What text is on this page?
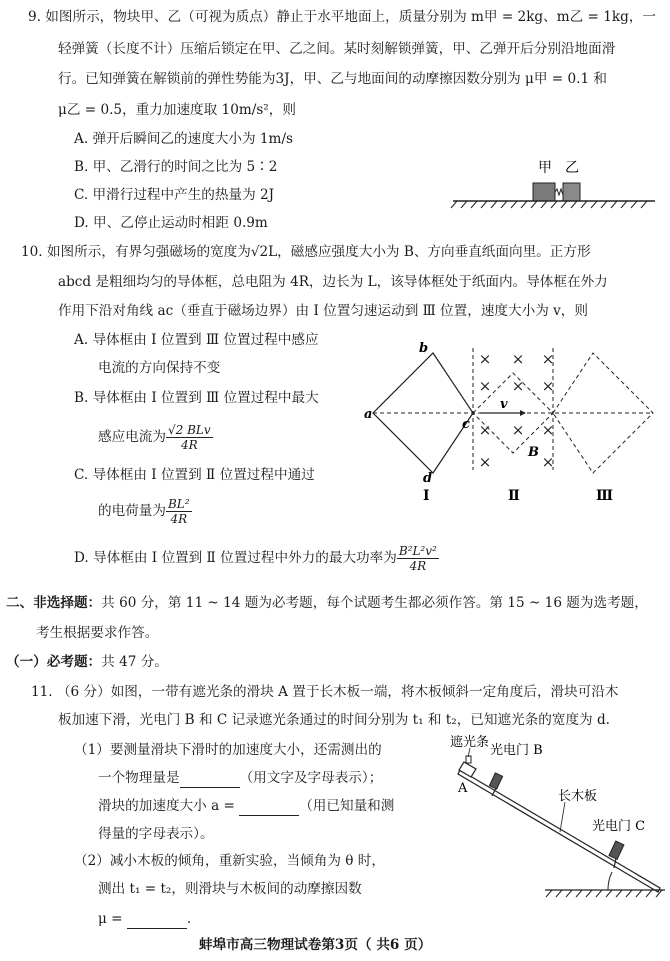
9. 如图所示，物块甲、乙（可视为质点）静止于水平地面上，质量分别为 m甲 = 2kg、m乙 = 1kg，一
轻弹簧（长度不计）压缩后锁定在甲、乙之间。某时刻解锁弹簧，甲、乙弹开后分别沿地面滑
行。已知弹簧在解锁前的弹性势能为3J，甲、乙与地面间的动摩擦因数分别为 μ甲 = 0.1 和
μ乙 = 0.5，重力加速度取 10m/s²，则
A. 弹开后瞬间乙的速度大小为 1m/s
B. 甲、乙滑行的时间之比为 5∶2
C. 甲滑行过程中产生的热量为 2J
D. 甲、乙停止运动时相距 0.9m
甲 乙
10. 如图所示，有界匀强磁场的宽度为√2L，磁感应强度大小为 B、方向垂直纸面向里。正方形
abcd 是粗细均匀的导体框，总电阻为 4R，边长为 L，该导体框处于纸面内。导体框在外力
作用下沿对角线 ac（垂直于磁场边界）由 Ⅰ 位置匀速运动到 Ⅲ 位置，速度大小为 v，则
A. 导体框由 Ⅰ 位置到 Ⅲ 位置过程中感应
电流的方向保持不变
B. 导体框由 Ⅰ 位置到 Ⅲ 位置过程中最大
感应电流为 $\frac{\text{√2 BLv}}{4R}$
C. 导体框由 Ⅰ 位置到 Ⅱ 位置过程中通过
的电荷量为 $\frac{\text{BL²}}{4R}$
D. 导体框由 Ⅰ 位置到 Ⅱ 位置过程中外力的最大功率为 $\frac{\text{B²L²v²}}{4R}$
× × ×
× × ×
× × ×
×	×
a
b
c
d
v
B
Ⅰ	Ⅱ	Ⅲ
二、非选择题：共 60 分，第 11 ~ 14 题为必考题，每个试题考生都必须作答。第 15 ~ 16 题为选考题，
考生根据要求作答。
（一）必考题：共 47 分。
11. （6 分）如图，一带有遮光条的滑块 A 置于长木板一端，将木板倾斜一定角度后，滑块可沿木
板加速下滑，光电门 B 和 C 记录遮光条通过的时间分别为 t₁ 和 t₂，已知遮光条的宽度为 d.
（1）要测量滑块下滑时的加速度大小，还需测出的
一个物理量是	（用文字及字母表示）；
滑块的加速度大小 a =	（用已知量和测
得量的字母表示）。
（2）减小木板的倾角，重新实验，当倾角为 θ 时，
测出 t₁ = t₂，则滑块与木板间的动摩擦因数
μ =	.
遮光条
光电门 B
A
长木板
光电门 C
蚌埠市高三物理试卷第3页（ 共6 页）
